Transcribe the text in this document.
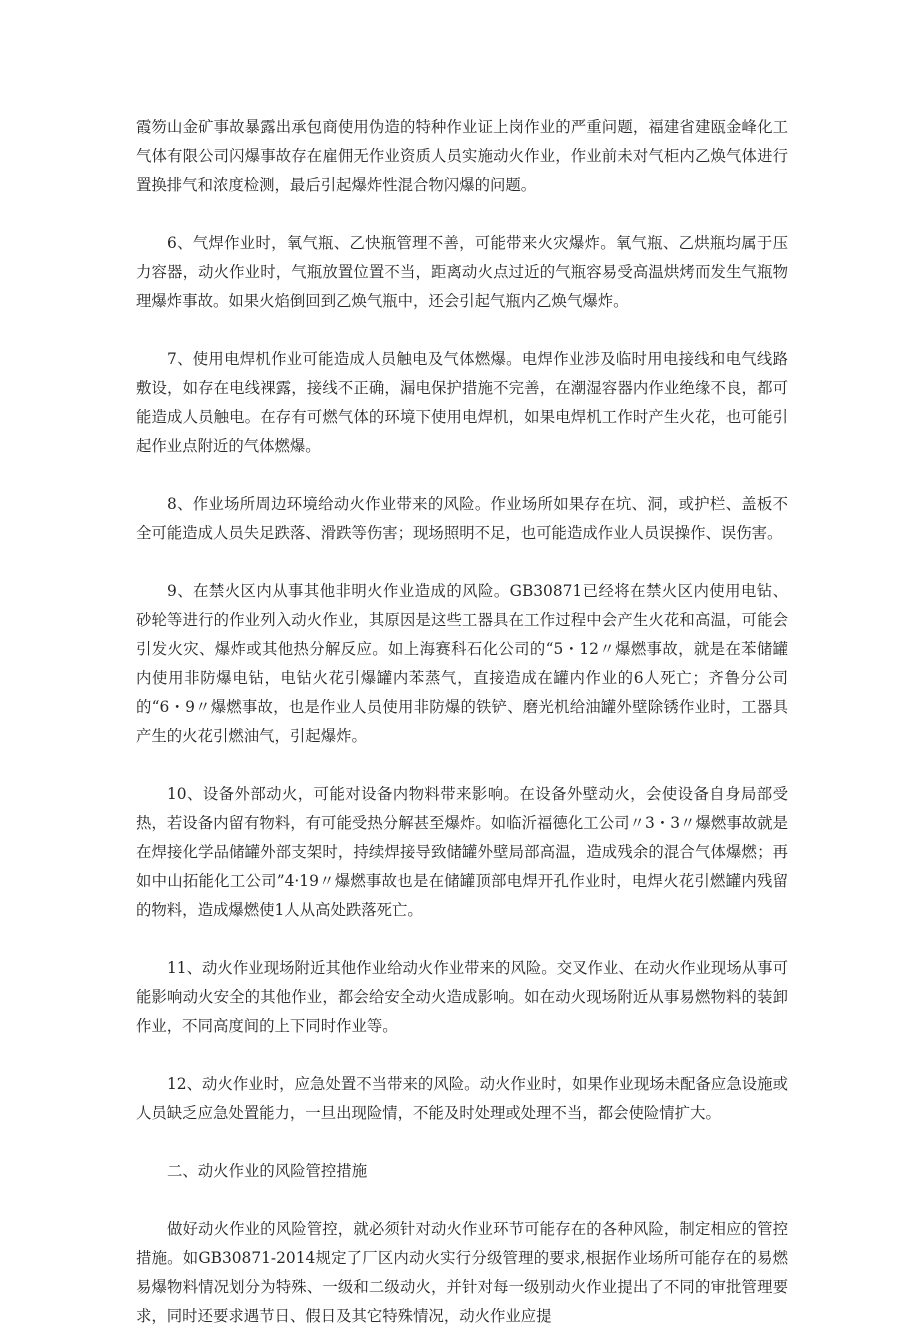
霞笏山金矿事故暴露出承包商使用伪造的特种作业证上岗作业的严重问题，福建省建瓯金峰化工气体有限公司闪爆事故存在雇佣无作业资质人员实施动火作业，作业前未对气柜内乙焕气体进行置换排气和浓度检测，最后引起爆炸性混合物闪爆的问题。

6、气焊作业时，氧气瓶、乙快瓶管理不善，可能带来火灾爆炸。氧气瓶、乙烘瓶均属于压力容器，动火作业时，气瓶放置位置不当，距离动火点过近的气瓶容易受高温烘烤而发生气瓶物理爆炸事故。如果火焰倒回到乙焕气瓶中，还会引起气瓶内乙焕气爆炸。

7、使用电焊机作业可能造成人员触电及气体燃爆。电焊作业涉及临时用电接线和电气线路敷设，如存在电线裸露，接线不正确，漏电保护措施不完善，在潮湿容器内作业绝缘不良，都可能造成人员触电。在存有可燃气体的环境下使用电焊机，如果电焊机工作时产生火花，也可能引起作业点附近的气体燃爆。

8、作业场所周边环境给动火作业带来的风险。作业场所如果存在坑、洞，或护栏、盖板不全可能造成人员失足跌落、滑跌等伤害；现场照明不足，也可能造成作业人员误操作、误伤害。

9、在禁火区内从事其他非明火作业造成的风险。GB30871已经将在禁火区内使用电钻、砂轮等进行的作业列入动火作业，其原因是这些工器具在工作过程中会产生火花和高温，可能会引发火灾、爆炸或其他热分解反应。如上海赛科石化公司的“5・12〃爆燃事故，就是在苯储罐内使用非防爆电钻，电钻火花引爆罐内苯蒸气，直接造成在罐内作业的6人死亡；齐鲁分公司的“6・9〃爆燃事故，也是作业人员使用非防爆的铁铲、磨光机给油罐外壁除锈作业时，工器具产生的火花引燃油气，引起爆炸。

10、设备外部动火，可能对设备内物料带来影响。在设备外壁动火，会使设备自身局部受热，若设备内留有物料，有可能受热分解甚至爆炸。如临沂福德化工公司〃3・3〃爆燃事故就是在焊接化学品储罐外部支架时，持续焊接导致储罐外壁局部高温，造成残余的混合气体爆燃；再如中山拓能化工公司”4·19〃爆燃事故也是在储罐顶部电焊开孔作业时，电焊火花引燃罐内残留的物料，造成爆燃使1人从高处跌落死亡。

11、动火作业现场附近其他作业给动火作业带来的风险。交叉作业、在动火作业现场从事可能影响动火安全的其他作业，都会给安全动火造成影响。如在动火现场附近从事易燃物料的装卸作业，不同高度间的上下同时作业等。

12、动火作业时，应急处置不当带来的风险。动火作业时，如果作业现场未配备应急设施或人员缺乏应急处置能力，一旦出现险情，不能及时处理或处理不当，都会使险情扩大。

二、动火作业的风险管控措施

做好动火作业的风险管控，就必须针对动火作业环节可能存在的各种风险，制定相应的管控措施。如GB30871-2014规定了厂区内动火实行分级管理的要求,根据作业场所可能存在的易燃易爆物料情况划分为特殊、一级和二级动火，并针对每一级别动火作业提出了不同的审批管理要求，同时还要求遇节日、假日及其它特殊情况，动火作业应提
